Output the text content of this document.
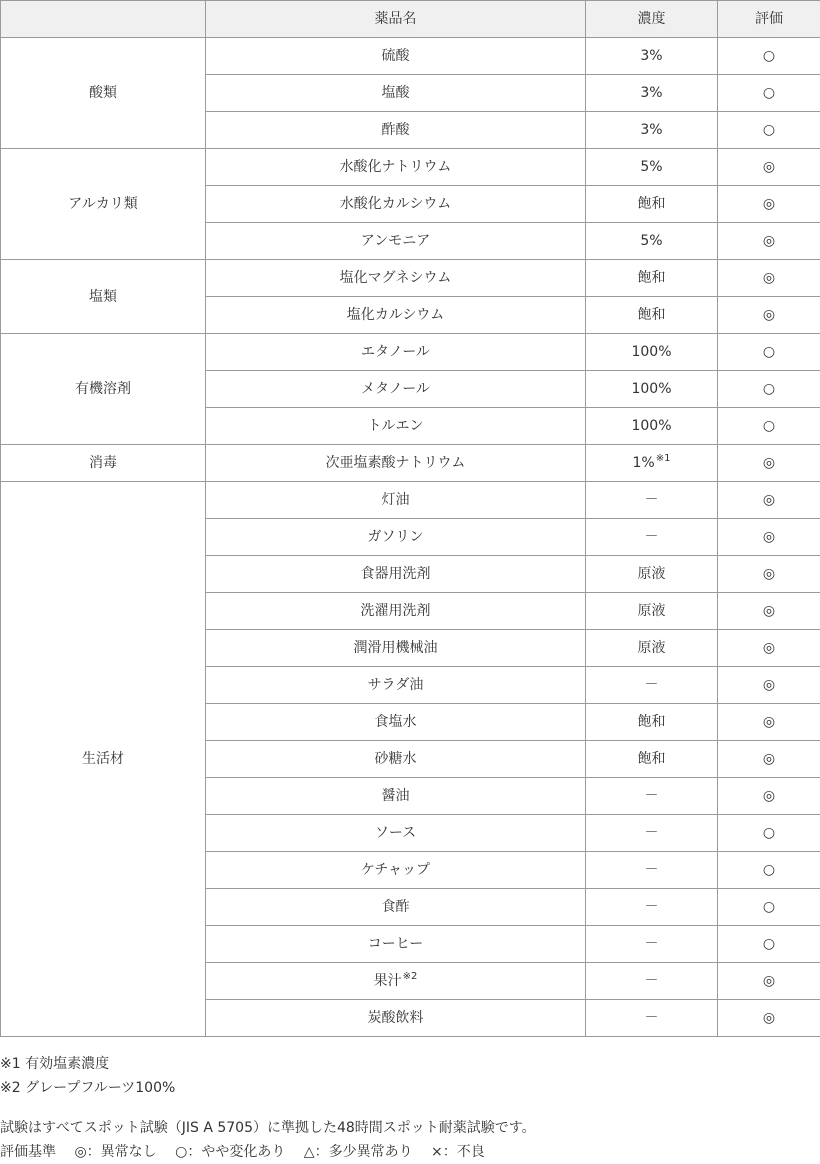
	薬品名	濃度	評価
酸類	硫酸	3%	○
	塩酸	3%	○
	酢酸	3%	○
アルカリ類	水酸化ナトリウム	5%	◎
	水酸化カルシウム	飽和	◎
	アンモニア	5%	◎
塩類	塩化マグネシウム	飽和	◎
	塩化カルシウム	飽和	◎
有機溶剤	エタノール	100%	○
	メタノール	100%	○
	トルエン	100%	○
消毒	次亜塩素酸ナトリウム	1%$^{※1}$	◎
生活材	灯油	－	◎
	ガソリン	－	◎
	食器用洗剤	原液	◎
	洗濯用洗剤	原液	◎
	潤滑用機械油	原液	◎
	サラダ油	－	◎
	食塩水	飽和	◎
	砂糖水	飽和	◎
	醤油	－	◎
	ソース	－	○
	ケチャップ	－	○
	食酢	－	○
	コーヒー	－	○
	果汁$^{※2}$	－	◎
	炭酸飲料	－	◎

※1 有効塩素濃度

※2 グレープフルーツ100%

試験はすべてスポット試験（JIS A 5705）に準拠した48時間スポット耐薬試験です。

評価基準 ◎：異常なし ○：やや変化あり △：多少異常あり ×：不良
